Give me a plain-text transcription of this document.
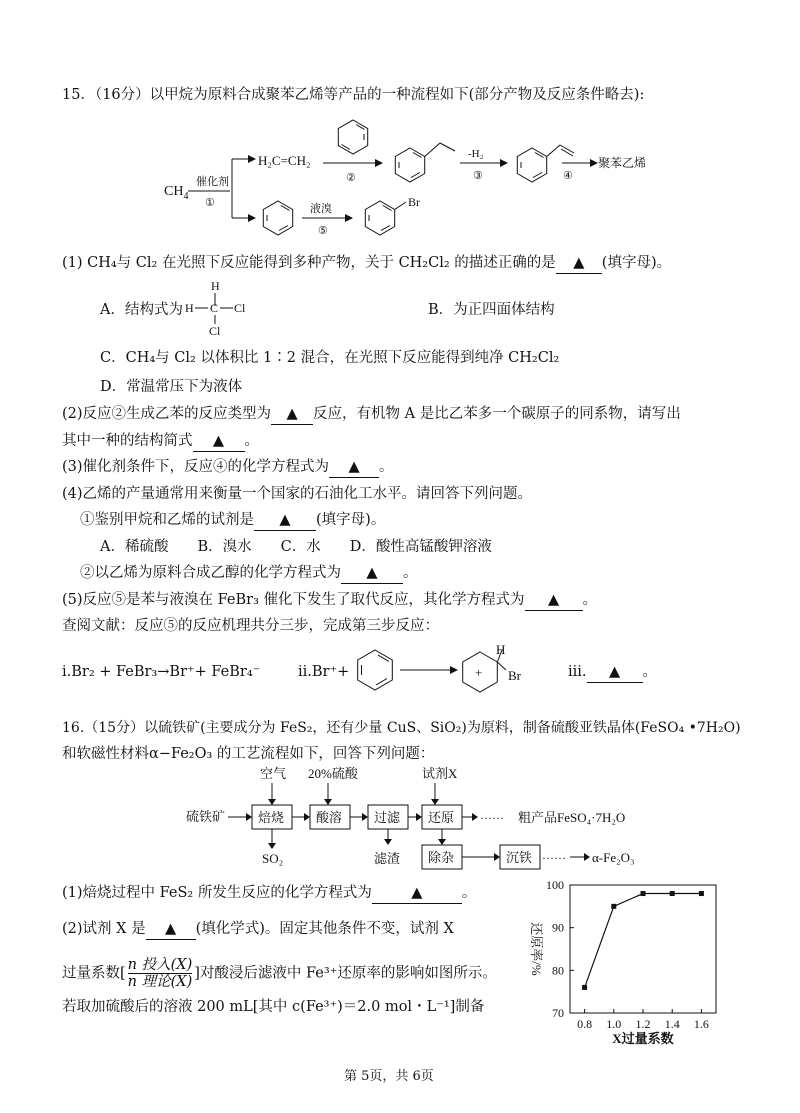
15．（16分）以甲烷为原料合成聚苯乙烯等产品的一种流程如下(部分产物及反应条件略去):
$CH_4$
催化剂
①
H₂C=CH₂
②
-H₂
③	④
聚苯乙烯
液溴
⑤
Br
(1) CH₄与 Cl₂ 在光照下反应能得到多种产物，关于 CH₂Cl₂ 的描述正确的是 ▲ (填字母)。
A．结构式为
H
H C Cl
Cl
B．为正四面体结构
C．CH₄与 Cl₂ 以体积比 1∶2 混合，在光照下反应能得到纯净 CH₂Cl₂
D．常温常压下为液体
(2)反应②生成乙苯的反应类型为 ▲ 反应，有机物 A 是比乙苯多一个碳原子的同系物，请写出
其中一种的结构简式 ▲ 。
(3)催化剂条件下，反应④的化学方程式为 ▲ 。
(4)乙烯的产量通常用来衡量一个国家的石油化工水平。请回答下列问题。
①鉴别甲烷和乙烯的试剂是 ▲ (填字母)。
A．稀硫酸　　B．溴水　　C．水　　D．酸性高锰酸钾溶液
②以乙烯为原料合成乙醇的化学方程式为 ▲ 。
(5)反应⑤是苯与液溴在 FeBr₃ 催化下发生了取代反应，其化学方程式为 ▲ 。
查阅文献：反应⑤的反应机理共分三步，完成第三步反应：
i.Br₂ + FeBr₃→Br⁺+ FeBr₄⁻	ii.Br⁺+	+
H
Br	iii. ▲ 。
16.（15分）以硫铁矿(主要成分为 FeS₂，还有少量 CuS、SiO₂)为原料，制备硫酸亚铁晶体(FeSO₄ •7H₂O)
和软磁性材料α−Fe₂O₃ 的工艺流程如下，回答下列问题：
空气 20%硫酸	试剂X
硫铁矿	焙烧 酸溶 过滤 还原 ······ 粗产品FeSO₄·7H₂O
SO₂	滤渣 除杂	沉铁 ······ α-Fe₂O₃
(1)焙烧过程中 FeS₂ 所发生反应的化学方程式为	▲	。
(2)试剂 X 是 ▲ (填化学式)。固定其他条件不变，试剂 X
过量系数[
n 投入(X)
n 理论(X)
]对酸浸后滤液中 Fe³⁺还原率的影响如图所示。
若取加硫酸后的溶液 200 mL[其中 c(Fe³⁺)＝2.0 mol・L⁻¹]制备	70
80
90
100
0.8 1.0 1.2 1.4 1.6
X过量系数
还原率/%
第 5页，共 6页
